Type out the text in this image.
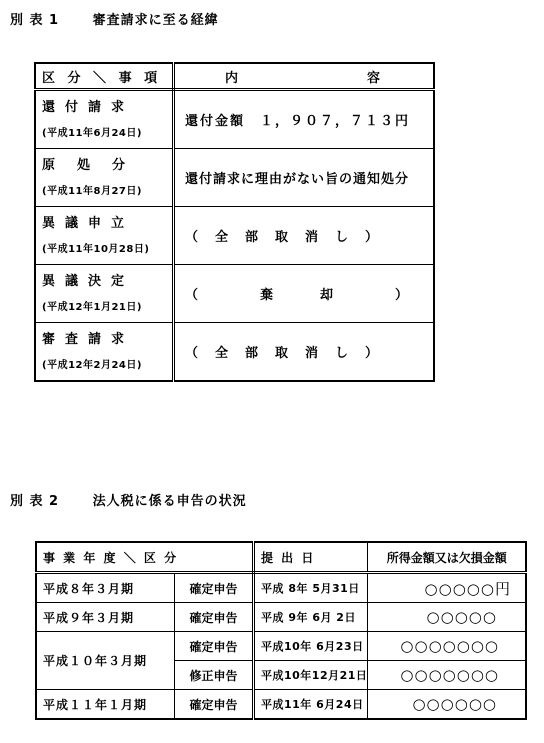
別 表 1　　 審査請求に至る経緯
区 分 ＼ 事 項	内 容

還付請求
(平成11年6月24日)	還付金額　１，９０７，７１３円

原処分
(平成11年8月27日)	還付請求に理由がない旨の通知処分

異議申立
(平成11年10月28日)	（　全　部　取　消　し　）

異議決定
(平成12年1月21日)	（　　　　棄　　　却　　　　）

審査請求
(平成12年2月24日)	（　全　部　取　消　し　）
別 表 2　　 法人税に係る申告の状況
事 業 年 度 ＼ 区 分		提 出 日	所得金額又は欠損金額
平成８年３月期	確定申告	平成 8年 5月31日	○○○○○円
平成９年３月期	確定申告	平成 9年 6月 2日	○○○○○
平成１０年３月期	確定申告	平成10年 6月23日	○○○○○○○
	修正申告	平成10年12月21日	○○○○○○○
平成１１年１月期	確定申告	平成11年 6月24日	○○○○○○
